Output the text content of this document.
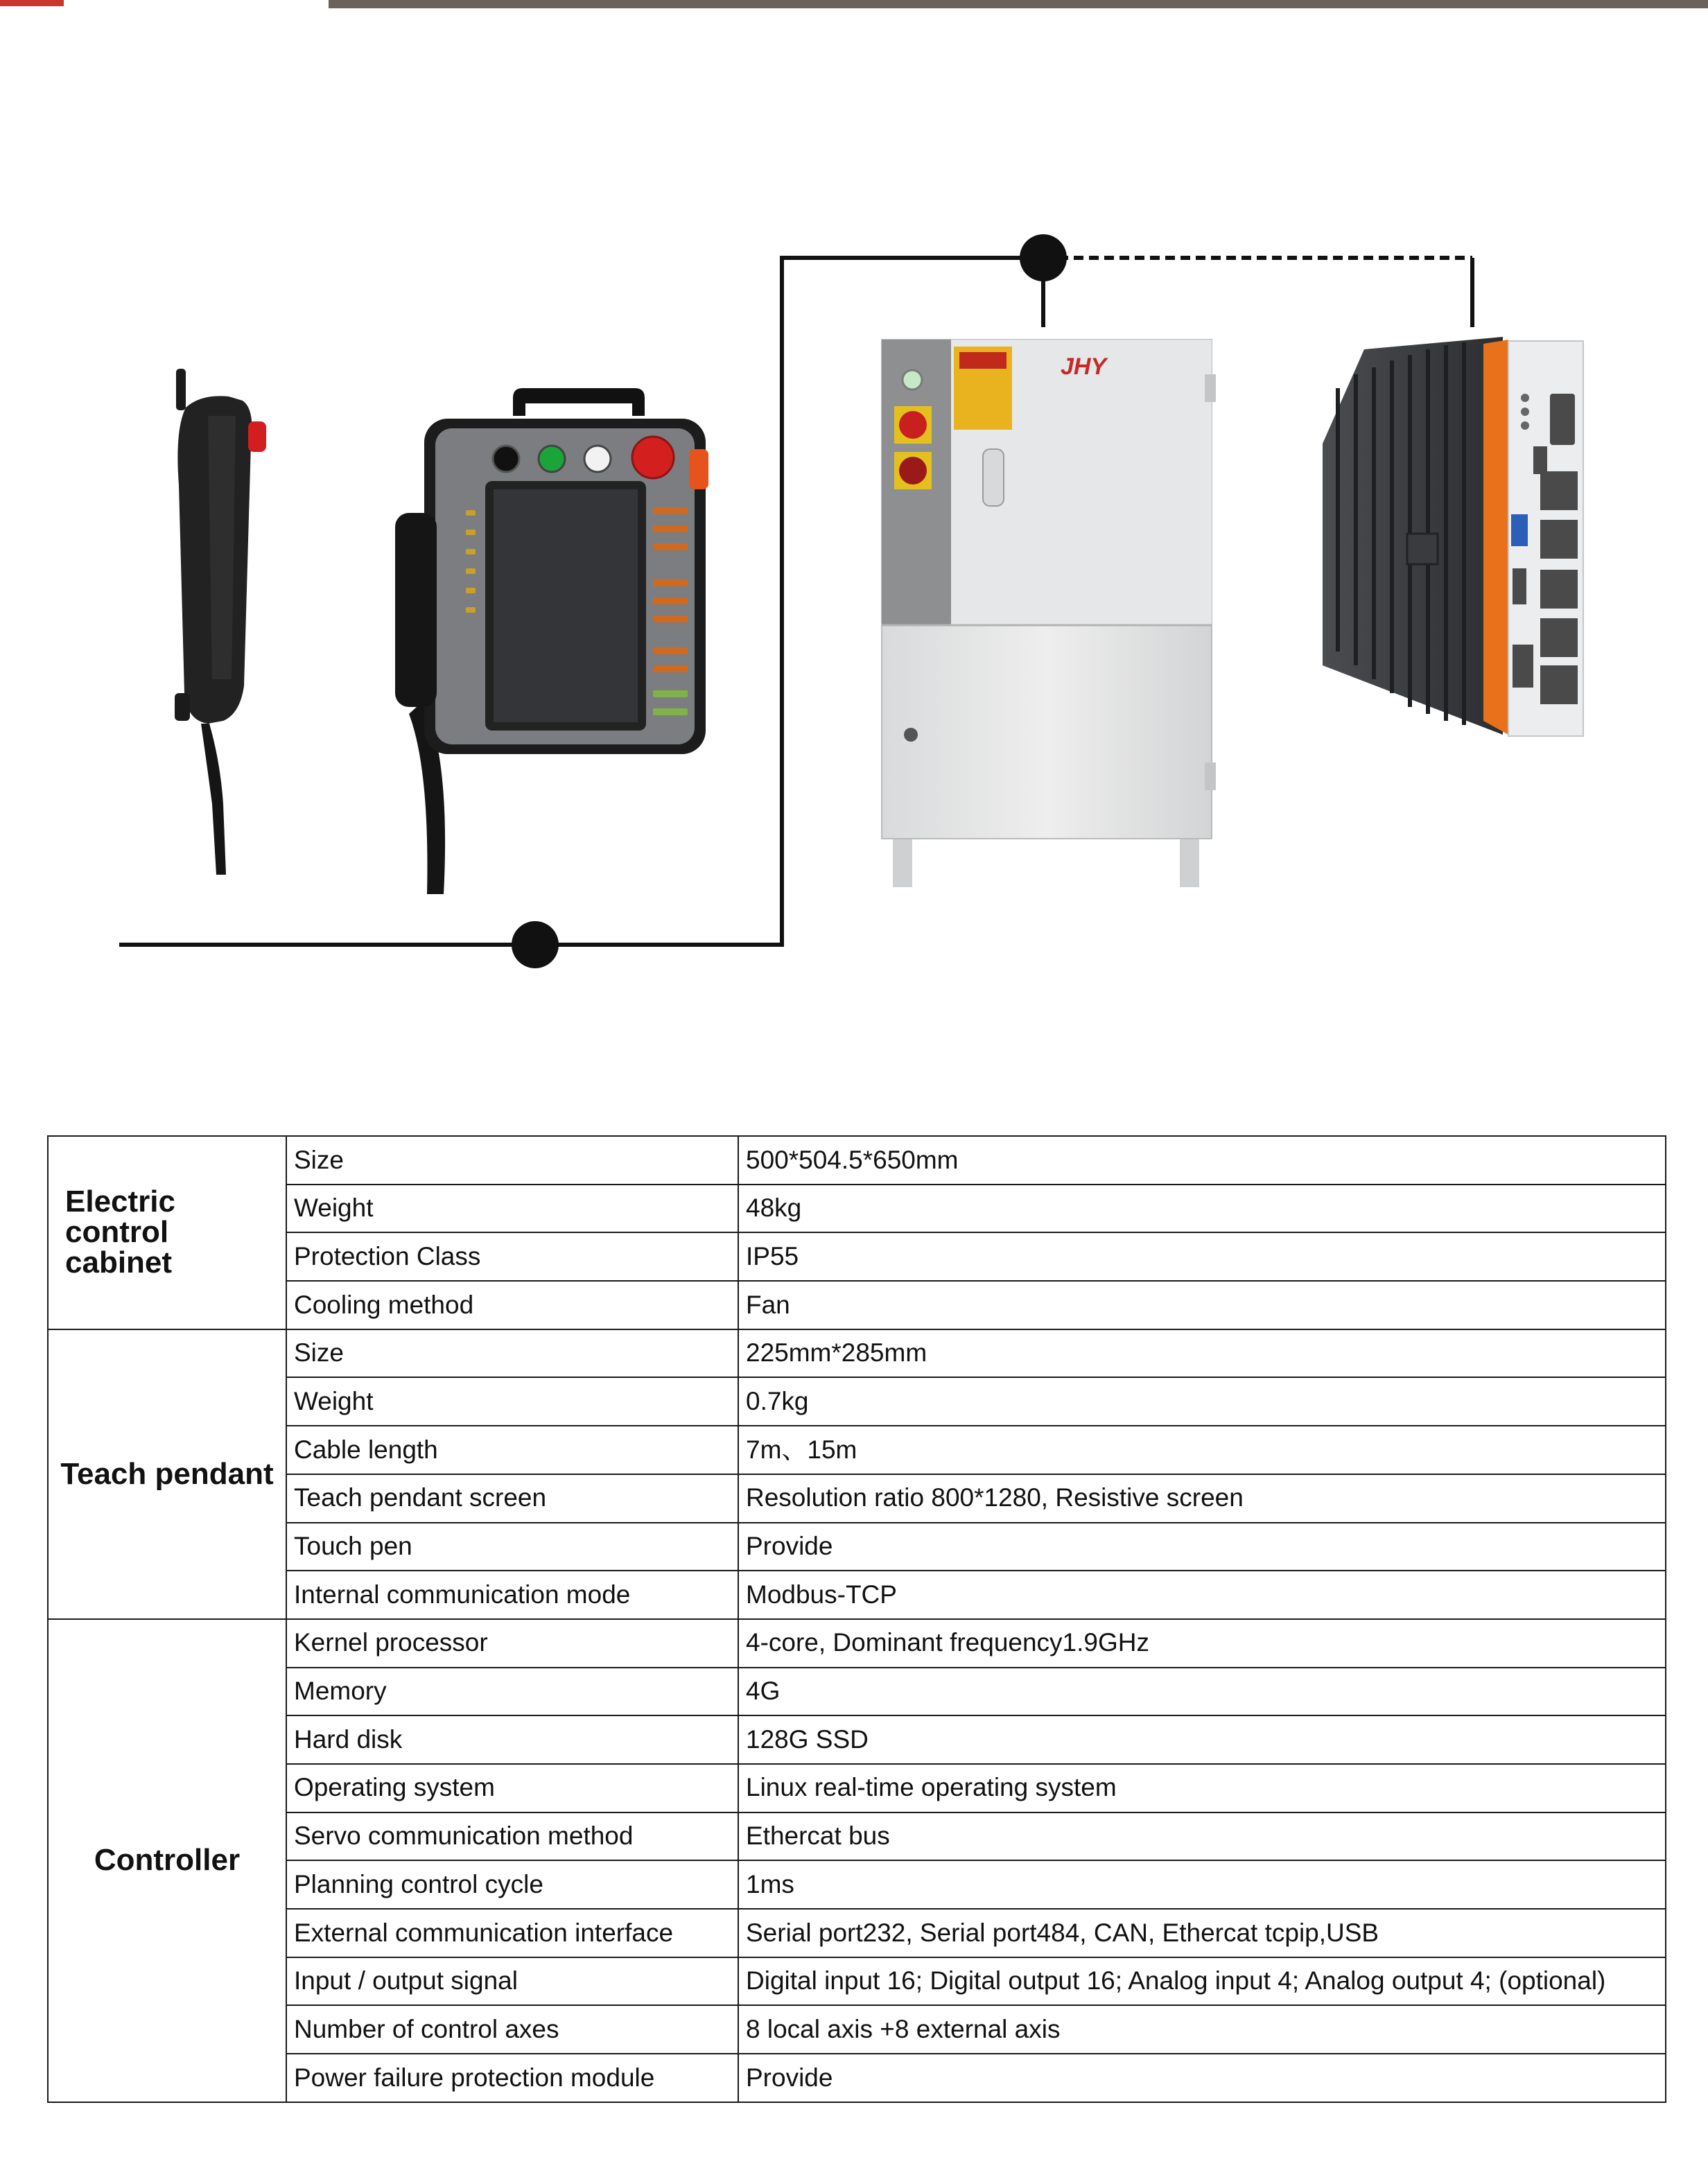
JHY
Electric control cabinet	Size	500*504.5*650mm
	Weight	48kg
	Protection Class	IP55
	Cooling method	Fan
Teach pendant	Size	225mm*285mm
	Weight	0.7kg
	Cable length	7m、15m
	Teach pendant screen	Resolution ratio 800*1280, Resistive screen
	Touch pen	Provide
	Internal communication mode	Modbus-TCP
Controller	Kernel processor	4-core, Dominant frequency1.9GHz
	Memory	4G
	Hard disk	128G SSD
	Operating system	Linux real-time operating system
	Servo communication method	Ethercat bus
	Planning control cycle	1ms
	External communication interface	Serial port232, Serial port484, CAN, Ethercat tcpip,USB
	Input / output signal	Digital input 16; Digital output 16; Analog input 4; Analog output 4; (optional)
	Number of control axes	8 local axis +8 external axis
	Power failure protection module	Provide
